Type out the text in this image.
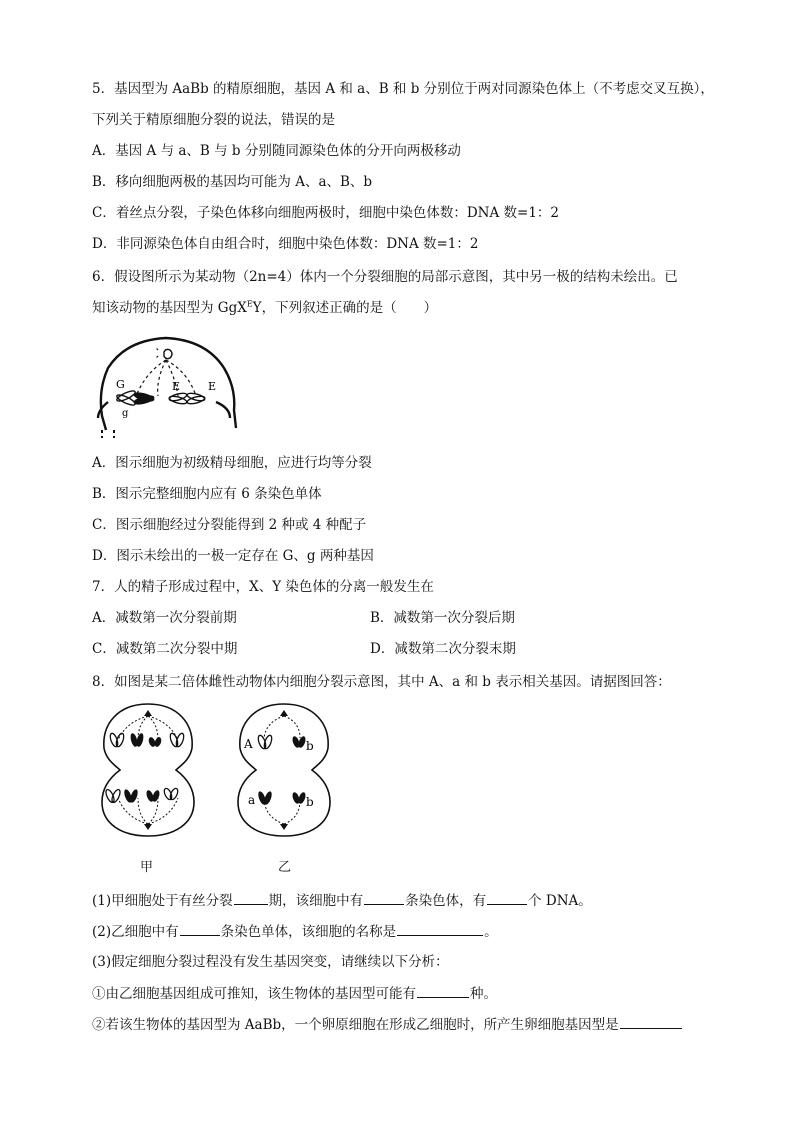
5．基因型为 AaBb 的精原细胞，基因 A 和 a、B 和 b 分别位于两对同源染色体上（不考虑交叉互换），
下列关于精原细胞分裂的说法，错误的是
A．基因 A 与 a、B 与 b 分别随同源染色体的分开向两极移动
B．移向细胞两极的基因均可能为 A、a、B、b
C．着丝点分裂，子染色体移向细胞两极时，细胞中染色体数：DNA 数=1：2
D．非同源染色体自由组合时，细胞中染色体数：DNA 数=1：2
6．假设图所示为某动物（2n=4）体内一个分裂细胞的局部示意图，其中另一极的结构未绘出。已
知该动物的基因型为 GgX$^E$Y，下列叙述正确的是（　　）
G
g
E	E
A．图示细胞为初级精母细胞，应进行均等分裂
B．图示完整细胞内应有 6 条染色单体
C．图示细胞经过分裂能得到 2 种或 4 种配子
D．图示未绘出的一极一定存在 G、g 两种基因
7．人的精子形成过程中，X、Y 染色体的分离一般发生在
A．减数第一次分裂前期	B．减数第一次分裂后期
C．减数第二次分裂中期	D．减数第二次分裂末期
8．如图是某二倍体雌性动物体内细胞分裂示意图，其中 A、a 和 b 表示相关基因。请据图回答：
甲
A	b
a	b
乙
(1)甲细胞处于有丝分裂	期，该细胞中有	条染色体，有	个 DNA。
(2)乙细胞中有	条染色单体，该细胞的名称是	。
(3)假定细胞分裂过程没有发生基因突变，请继续以下分析：
①由乙细胞基因组成可推知，该生物体的基因型可能有	种。
②若该生物体的基因型为 AaBb，一个卵原细胞在形成乙细胞时，所产生卵细胞基因型是
